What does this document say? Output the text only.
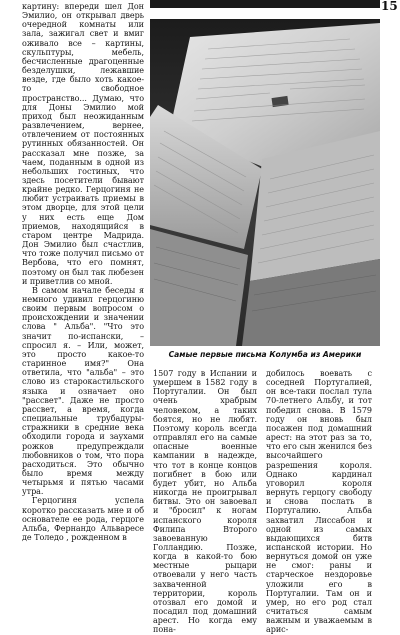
15

картину: впереди шел Дон Эмилио, он открывал дверь очередной комнаты или зала, зажигал свет и вмиг оживало все – картины, скульптуры, мебель, бесчисленные драгоценные безделушки, лежавшие везде, где было хоть какое-то свободное пространство... Думаю, что для Доны Эмилио мой приход был неожиданным развлечением, вернее, отвлечением от постоянных рутинных обязанностей. Он рассказал мне позже, за чаем, поданным в одной из небольших гостиных, что здесь посетители бывают крайне редко. Герцогиня не любит устраивать приемы в этом дворце, для этой цели у них есть еще Дом приемов, находящийся в старом центре Мадрида. Дон Эмилио был счастлив, что тоже получил письмо от Вербова, что его помнят, поэтому он был так любезен и приветлив со мной.

В самом начале беседы я немного удивил герцогиню своим первым вопросом о происхождении и значении слова " Альба". "Что это значит по-испански, – спросил я. – Или, может, это просто какое-то старинное имя?" Она ответила, что "альба" – это слово из старокастильского языка и означает оно "рассвет". Даже не просто рассвет, а время, когда специальные трубадуры-стражники в средние века обходили города и заухами рожков предупреждали любовников о том, что пора расходиться. Это обычно было время между четырьмя и пятью часами утра.

Герцогиня успела коротко рассказать мне и об основателе ее рода, герцоге Альба, Фернандо Альваресе де Толедо , рожденном в

Самые первые письма Колумба из Америки

1507 году в Испании и умершем в 1582 году в Португалии. Он был очень храбрым человеком, а таких боятся, но не любят. Поэтому король всегда отправлял его на самые опасные военные кампании в надежде, что тот в конце концов погибнет в бою или будет убит, но Альба никогда не проигрывал битвы. Это он завоевал и "бросил" к ногам испанского короля Филипа Второго завоеванную Голландию. Позже, когда в какой-то бою местные рыцари отвоевали у него часть захваченной территории, король отозвал его домой и посадил под домашний арест. Но когда ему пона-

добилось воевать с соседней Португалией, он все-таки послал тула 70-летнего Альбу, и тот победил снова. В 1579 году он вновь был посажен под домашний арест: на этот раз за то, что его сын женился без высочайшего разрешения короля. Однако кардинал уговорил короля вернуть герцогу свободу и снова послать в Португалию. Альба захватил Лиссабон и одной из самых выдающихся битв испанской истории. Но вернуться домой он уже не смог: раны и старческое нездоровье уложили его в Португалии. Там он и умер, но его род стал считаться самым важным и уважаемым в арис-
